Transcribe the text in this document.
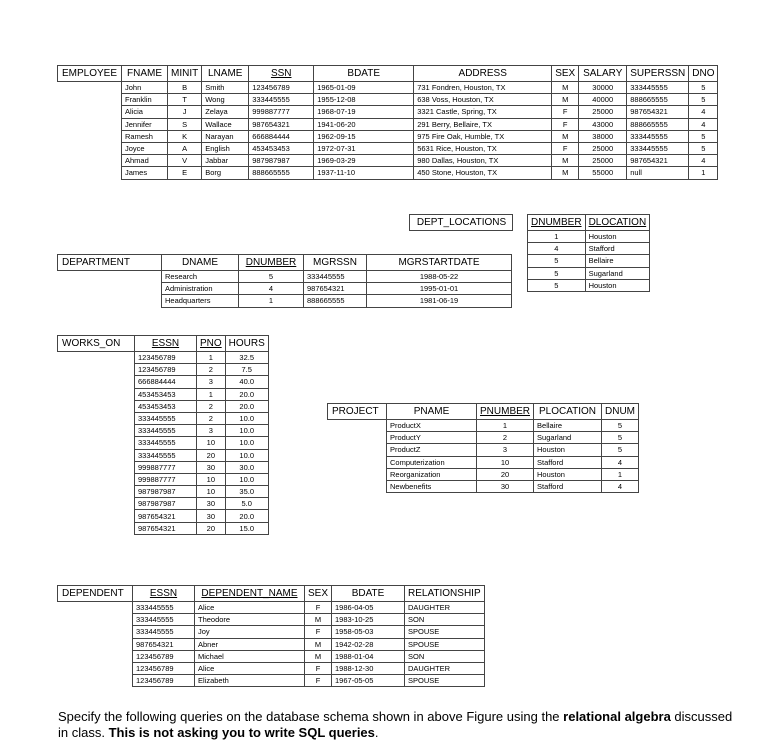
EMPLOYEE	FNAME	MINIT	LNAME	SSN	BDATE	ADDRESS	SEX	SALARY	SUPERSSN	DNO
	John	B	Smith	123456789	1965-01-09	731 Fondren, Houston, TX	M	30000	333445555	5
	Franklin	T	Wong	333445555	1955-12-08	638 Voss, Houston, TX	M	40000	888665555	5
	Alicia	J	Zelaya	999887777	1968-07-19	3321 Castle, Spring, TX	F	25000	987654321	4
	Jennifer	S	Wallace	987654321	1941-06-20	291 Berry, Bellaire, TX	F	43000	888665555	4
	Ramesh	K	Narayan	666884444	1962-09-15	975 Fire Oak, Humble, TX	M	38000	333445555	5
	Joyce	A	English	453453453	1972-07-31	5631 Rice, Houston, TX	F	25000	333445555	5
	Ahmad	V	Jabbar	987987987	1969-03-29	980 Dallas, Houston, TX	M	25000	987654321	4
	James	E	Borg	888665555	1937-11-10	450 Stone, Houston, TX	M	55000	null	1
DEPT_LOCATIONS		DNUMBER	DLOCATION
		1	Houston
		4	Stafford
		5	Bellaire
		5	Sugarland
		5	Houston
DEPARTMENT	DNAME	DNUMBER	MGRSSN	MGRSTARTDATE
	Research	5	333445555	1988-05-22
	Administration	4	987654321	1995-01-01
	Headquarters	1	888665555	1981-06-19
WORKS_ON	ESSN	PNO	HOURS
	123456789	1	32.5
	123456789	2	7.5
	666884444	3	40.0
	453453453	1	20.0
	453453453	2	20.0
	333445555	2	10.0
	333445555	3	10.0
	333445555	10	10.0
	333445555	20	10.0
	999887777	30	30.0
	999887777	10	10.0
	987987987	10	35.0
	987987987	30	5.0
	987654321	30	20.0
	987654321	20	15.0
PROJECT	PNAME	PNUMBER	PLOCATION	DNUM
	ProductX	1	Bellaire	5
	ProductY	2	Sugarland	5
	ProductZ	3	Houston	5
	Computerization	10	Stafford	4
	Reorganization	20	Houston	1
	Newbenefits	30	Stafford	4
DEPENDENT	ESSN	DEPENDENT_NAME	SEX	BDATE	RELATIONSHIP
	333445555	Alice	F	1986-04-05	DAUGHTER
	333445555	Theodore	M	1983-10-25	SON
	333445555	Joy	F	1958-05-03	SPOUSE
	987654321	Abner	M	1942-02-28	SPOUSE
	123456789	Michael	M	1988-01-04	SON
	123456789	Alice	F	1988-12-30	DAUGHTER
	123456789	Elizabeth	F	1967-05-05	SPOUSE
Specify the following queries on the database schema shown in above Figure using the relational algebra discussed in class. This is not asking you to write SQL queries.
